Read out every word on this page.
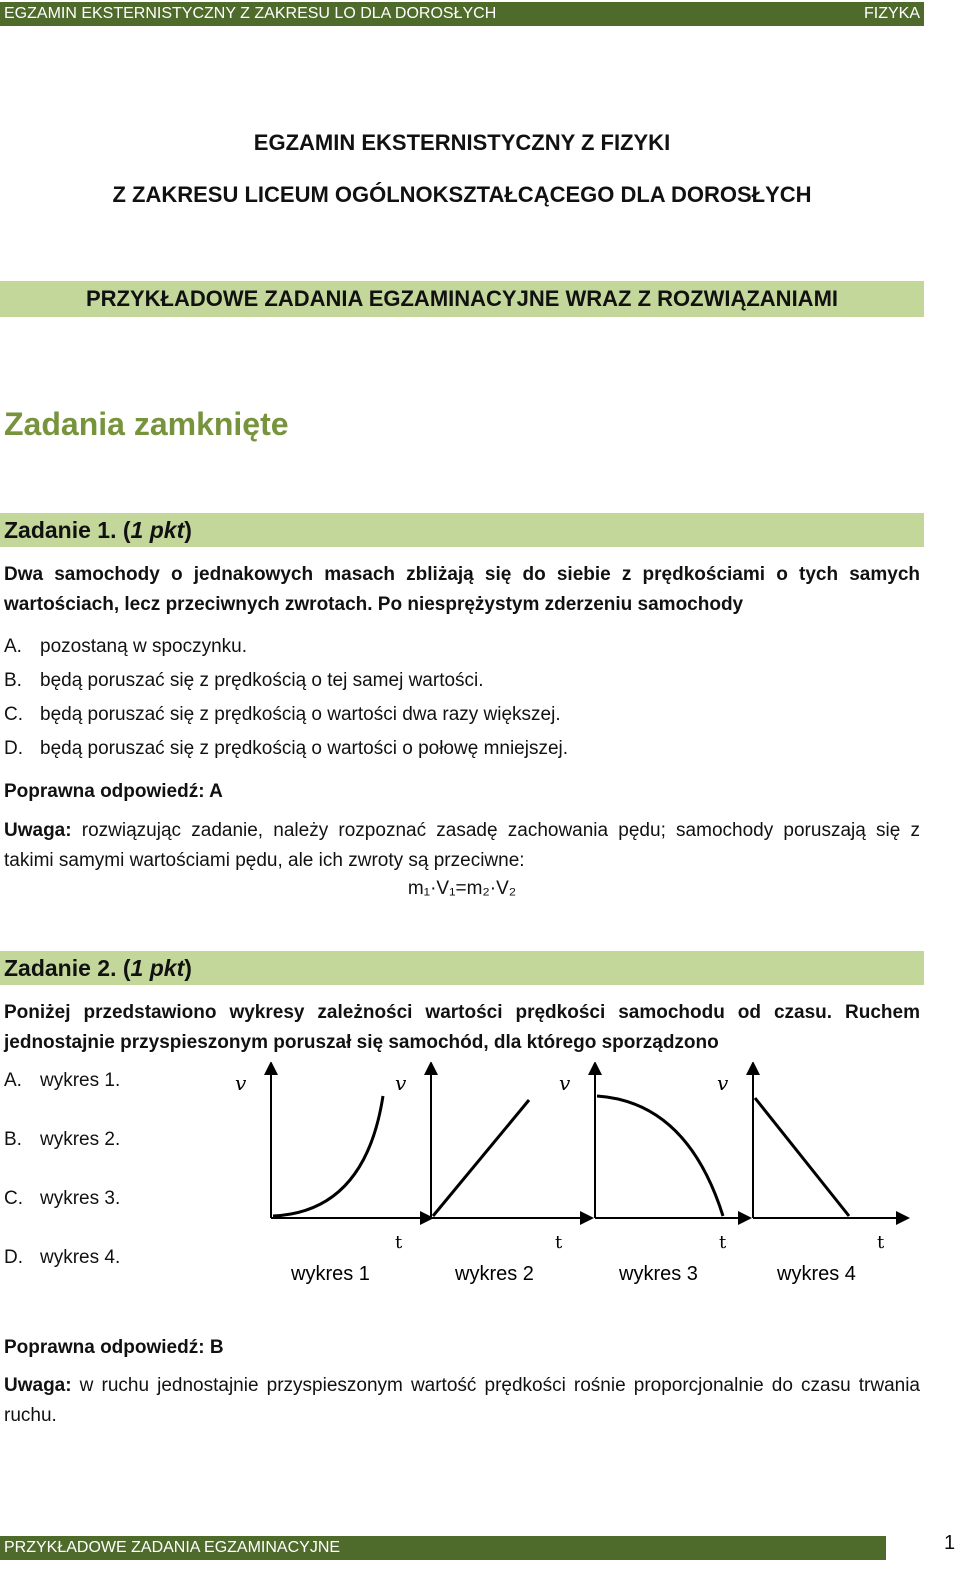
EGZAMIN EKSTERNISTYCZNY Z ZAKRESU LO DLA DOROSŁYCH	FIZYKA
EGZAMIN EKSTERNISTYCZNY Z FIZYKI
Z ZAKRESU LICEUM OGÓLNOKSZTAŁCĄCEGO DLA DOROSŁYCH
PRZYKŁADOWE ZADANIA EGZAMINACYJNE WRAZ Z ROZWIĄZANIAMI
Zadania zamknięte
Zadanie 1. (1 pkt)
Dwa samochody o jednakowych masach zbliżają się do siebie z prędkościami o tych samych wartościach, lecz przeciwnych zwrotach. Po niesprężystym zderzeniu samochody
A. pozostaną w spoczynku.
B. będą poruszać się z prędkością o tej samej wartości.
C. będą poruszać się z prędkością o wartości dwa razy większej.
D. będą poruszać się z prędkością o wartości o połowę mniejszej.
Poprawna odpowiedź: A
Uwaga: rozwiązując zadanie, należy rozpoznać zasadę zachowania pędu; samochody poruszają się z takimi samymi wartościami pędu, ale ich zwroty są przeciwne:
m₁·V₁=m₂·V₂
Zadanie 2. (1 pkt)
Poniżej przedstawiono wykresy zależności wartości prędkości samochodu od czasu. Ruchem jednostajnie przyspieszonym poruszał się samochód, dla którego sporządzono
A. wykres 1.
B. wykres 2.
C. wykres 3.
D. wykres 4.
v
t
wykres 1
v
t
wykres 2
v
t
wykres 3
v
t
wykres 4
Poprawna odpowiedź: B
Uwaga: w ruchu jednostajnie przyspieszonym wartość prędkości rośnie proporcjonalnie do czasu trwania ruchu.
PRZYKŁADOWE ZADANIA EGZAMINACYJNE	1
